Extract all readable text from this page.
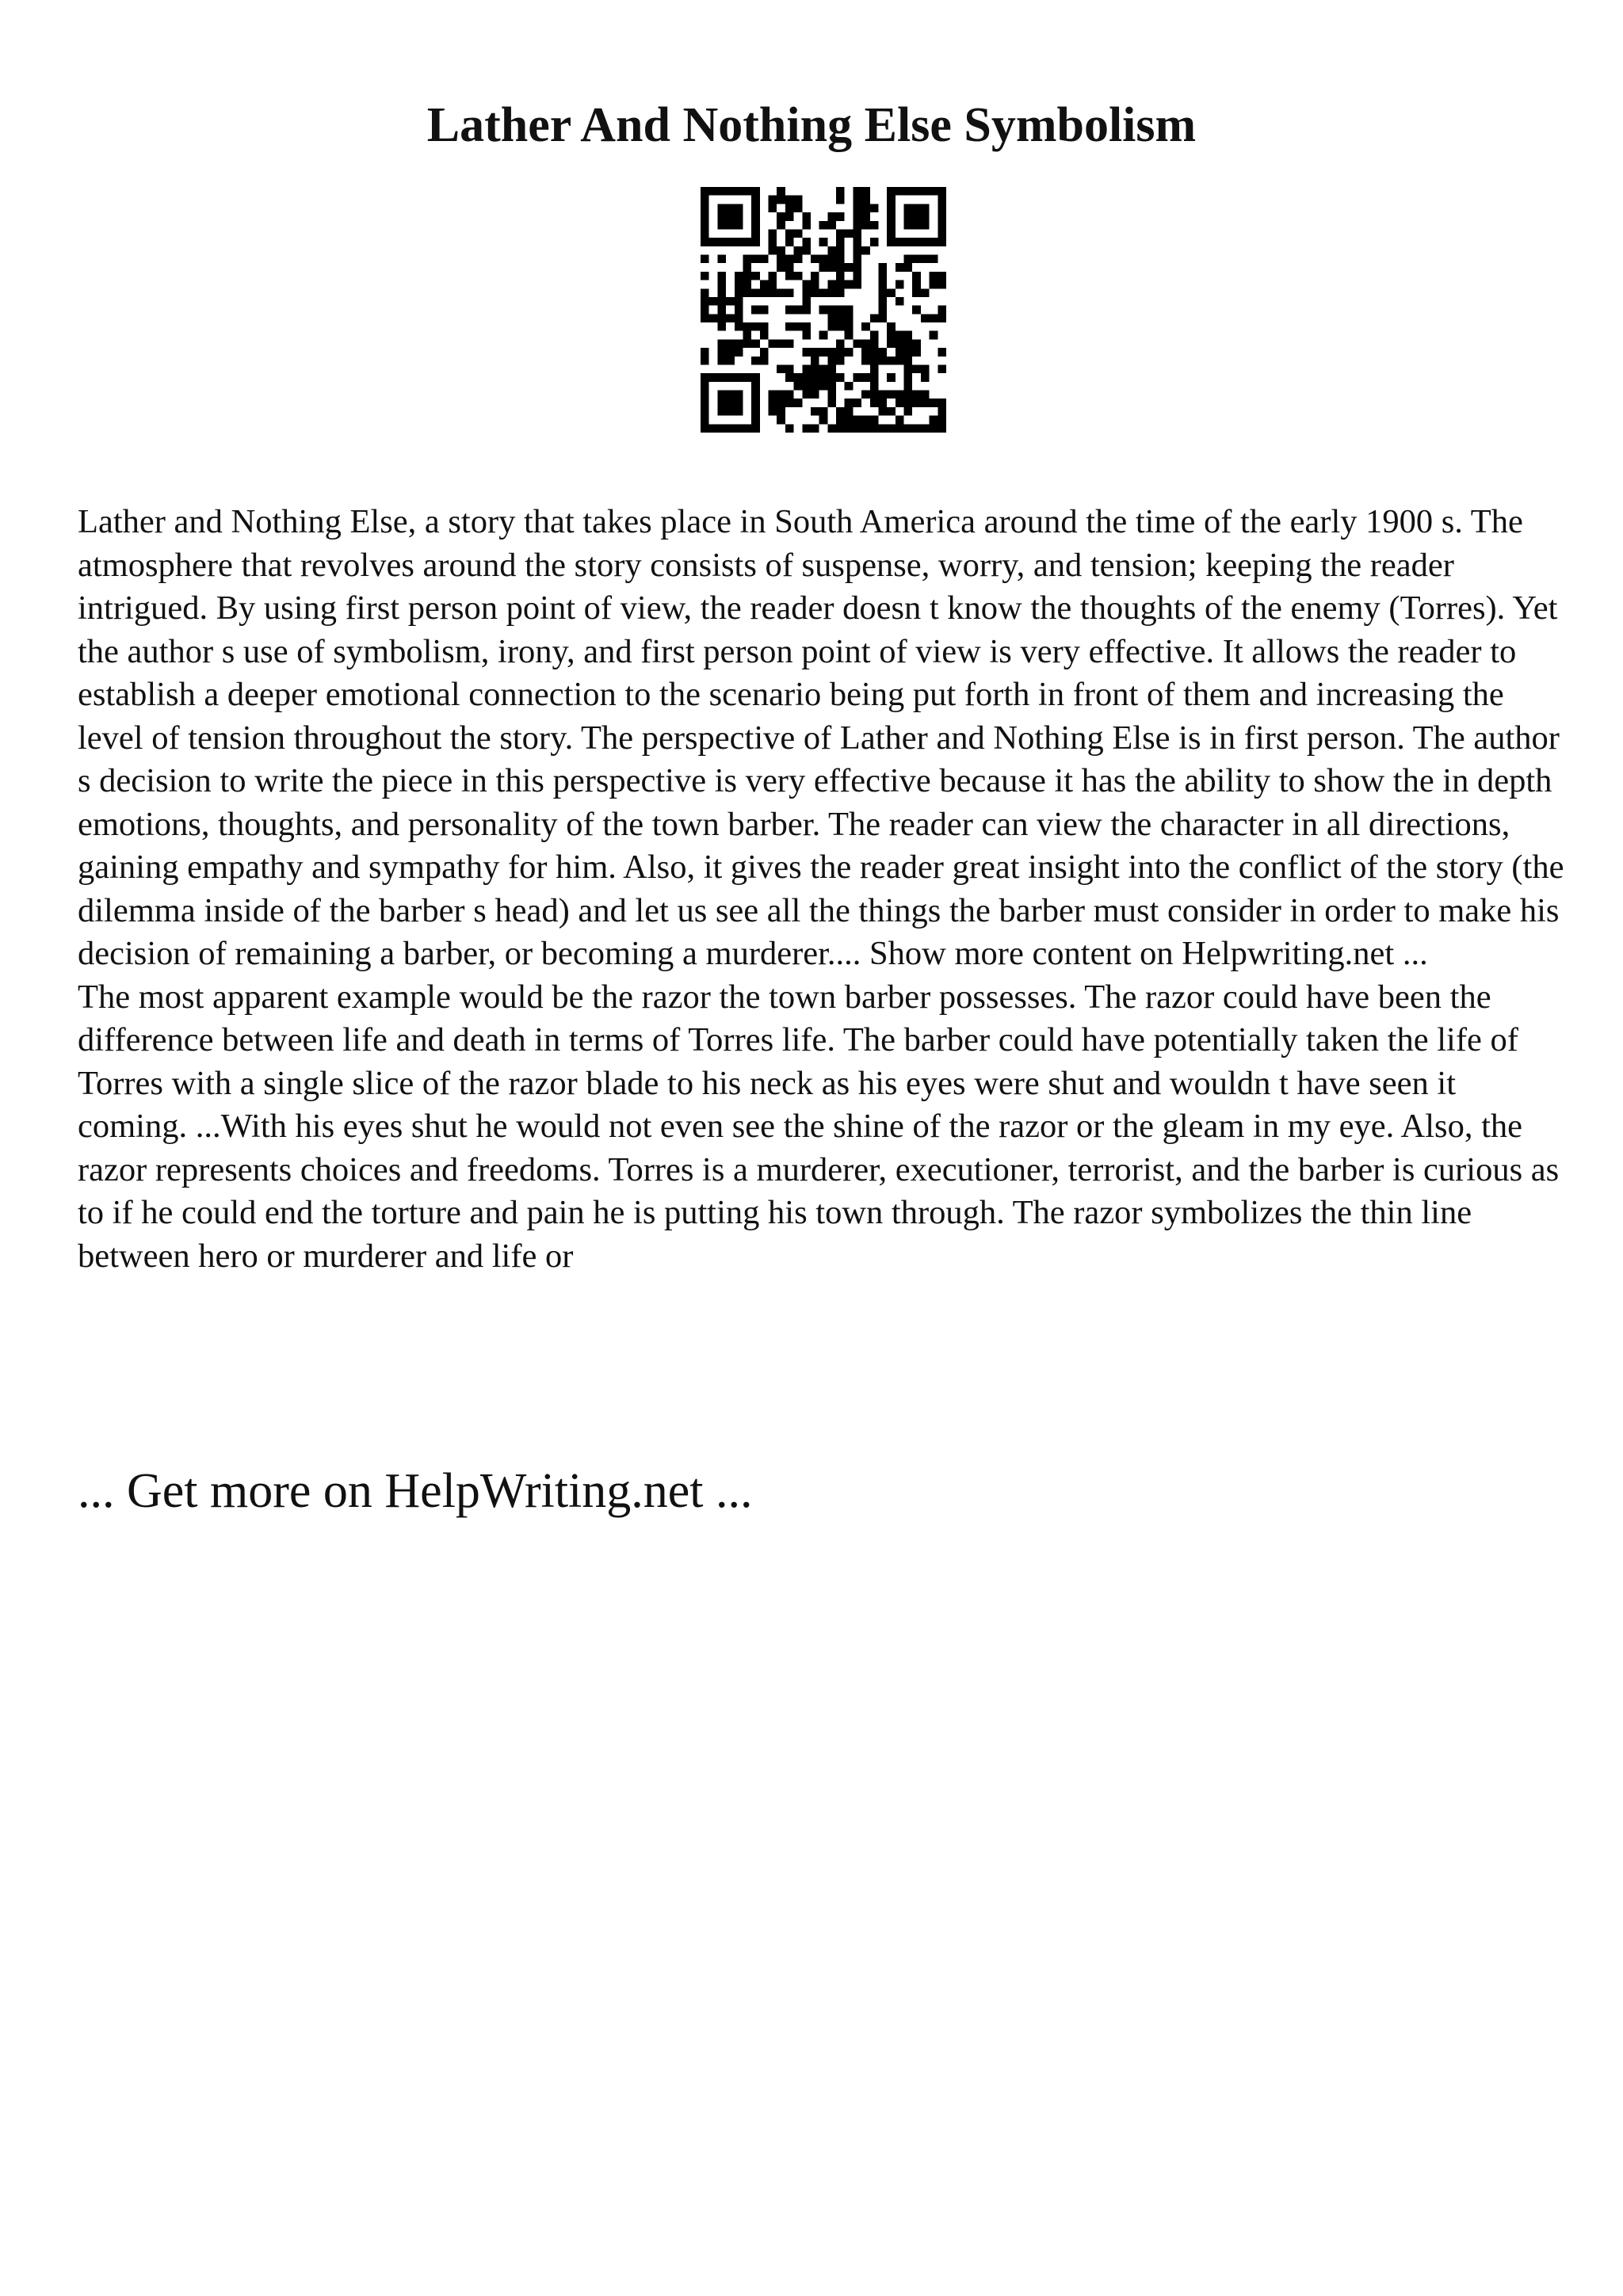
Lather And Nothing Else Symbolism

Lather and Nothing Else, a story that takes place in South America around the time of the early 1900 s. The atmosphere that revolves around the story consists of suspense, worry, and tension; keeping the reader intrigued. By using first person point of view, the reader doesn t know the thoughts of the enemy (Torres). Yet the author s use of symbolism, irony, and first person point of view is very effective. It allows the reader to establish a deeper emotional connection to the scenario being put forth in front of them and increasing the level of tension throughout the story. The perspective of Lather and Nothing Else is in first person. The author s decision to write the piece in this perspective is very effective because it has the ability to show the in depth emotions, thoughts, and personality of the town barber. The reader can view the character in all directions, gaining empathy and sympathy for him. Also, it gives the reader great insight into the conflict of the story (the dilemma inside of the barber s head) and let us see all the things the barber must consider in order to make his decision of remaining a barber, or becoming a murderer.... Show more content on Helpwriting.net ...

The most apparent example would be the razor the town barber possesses. The razor could have been the difference between life and death in terms of Torres life. The barber could have potentially taken the life of Torres with a single slice of the razor blade to his neck as his eyes were shut and wouldn t have seen it coming. ...With his eyes shut he would not even see the shine of the razor or the gleam in my eye. Also, the razor represents choices and freedoms. Torres is a murderer, executioner, terrorist, and the barber is curious as to if he could end the torture and pain he is putting his town through. The razor symbolizes the thin line between hero or murderer and life or

... Get more on HelpWriting.net ...
